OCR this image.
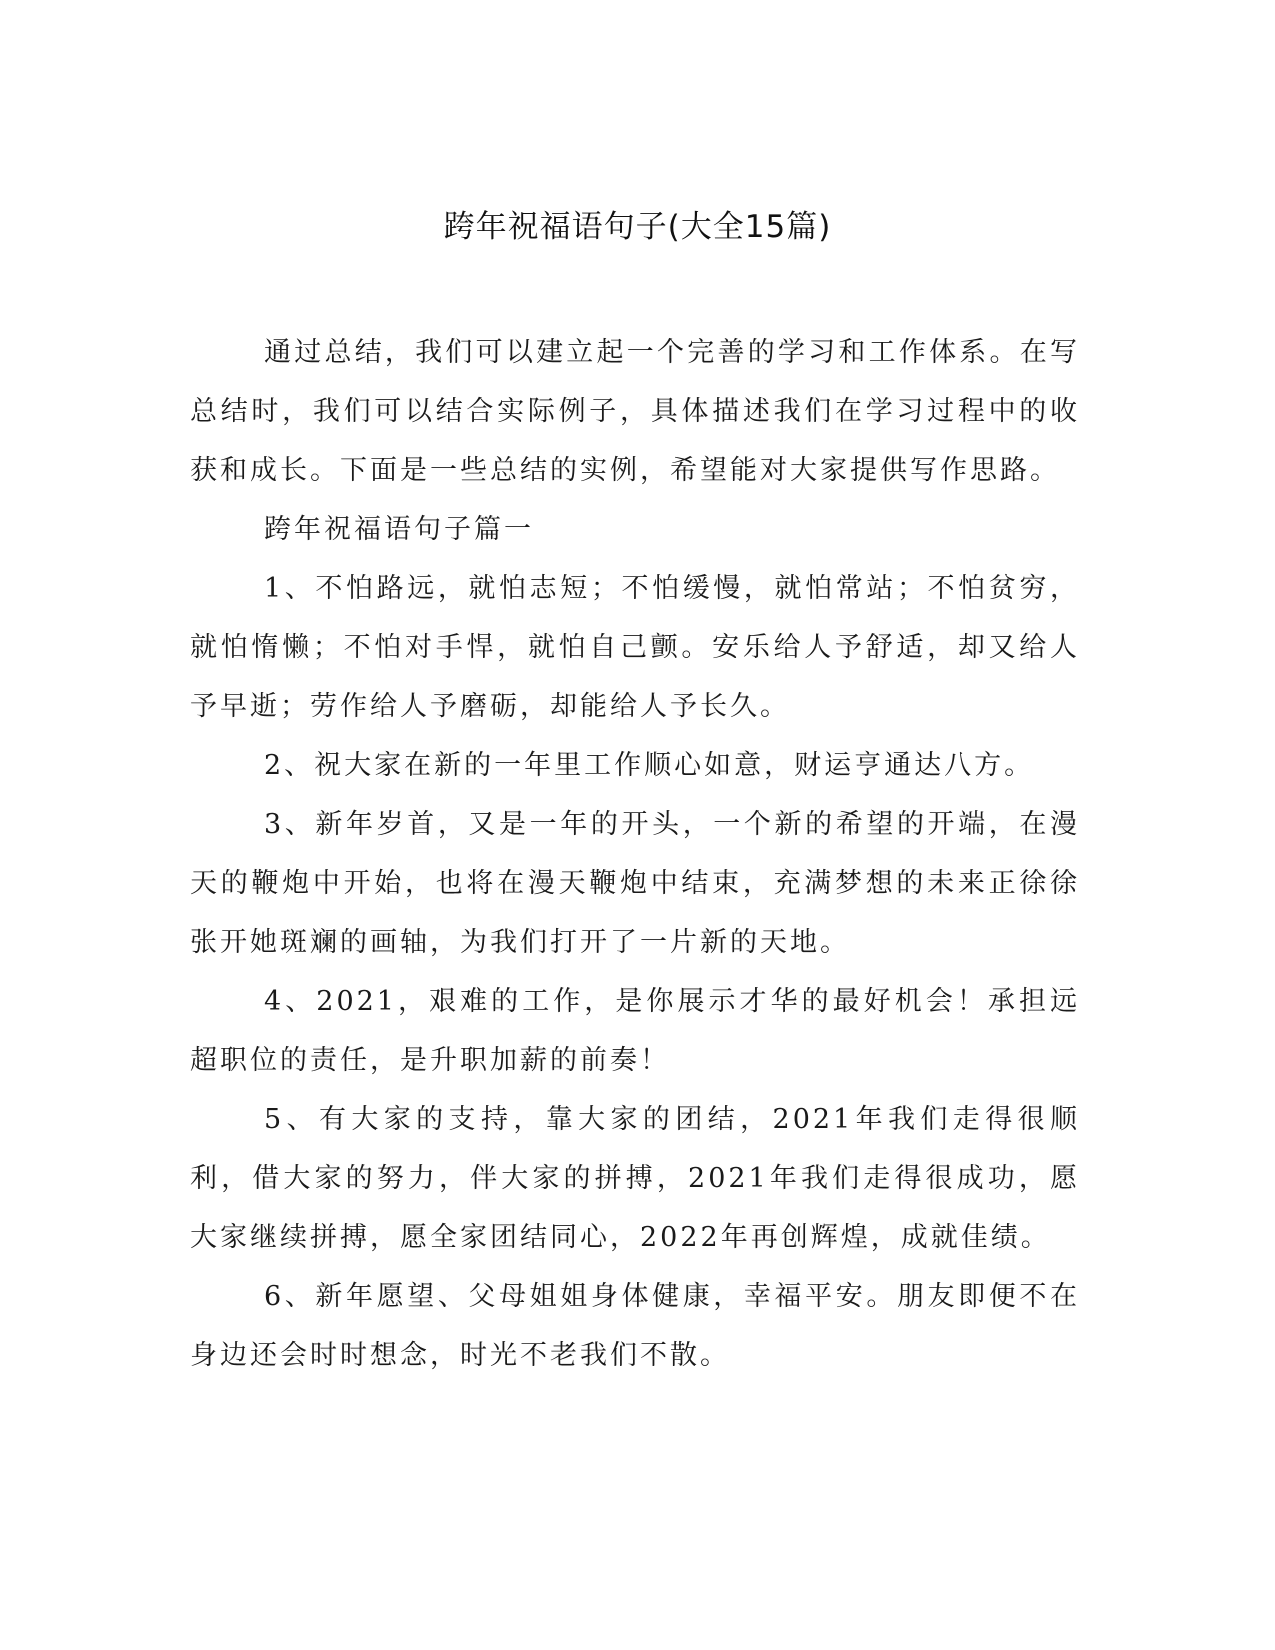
跨年祝福语句子(大全15篇)

通过总结，我们可以建立起一个完善的学习和工作体系。在写总结时，我们可以结合实际例子，具体描述我们在学习过程中的收获和成长。下面是一些总结的实例，希望能对大家提供写作思路。

跨年祝福语句子篇一

1、不怕路远，就怕志短；不怕缓慢，就怕常站；不怕贫穷，就怕惰懒；不怕对手悍，就怕自己颤。安乐给人予舒适，却又给人予早逝；劳作给人予磨砺，却能给人予长久。

2、祝大家在新的一年里工作顺心如意，财运亨通达八方。

3、新年岁首，又是一年的开头，一个新的希望的开端，在漫天的鞭炮中开始，也将在漫天鞭炮中结束，充满梦想的未来正徐徐张开她斑斓的画轴，为我们打开了一片新的天地。

4、2021，艰难的工作，是你展示才华的最好机会！承担远超职位的责任，是升职加薪的前奏！

5、有大家的支持，靠大家的团结，2021年我们走得很顺利，借大家的努力，伴大家的拼搏，2021年我们走得很成功，愿大家继续拼搏，愿全家团结同心，2022年再创辉煌，成就佳绩。

6、新年愿望、父母姐姐身体健康，幸福平安。朋友即便不在身边还会时时想念，时光不老我们不散。
